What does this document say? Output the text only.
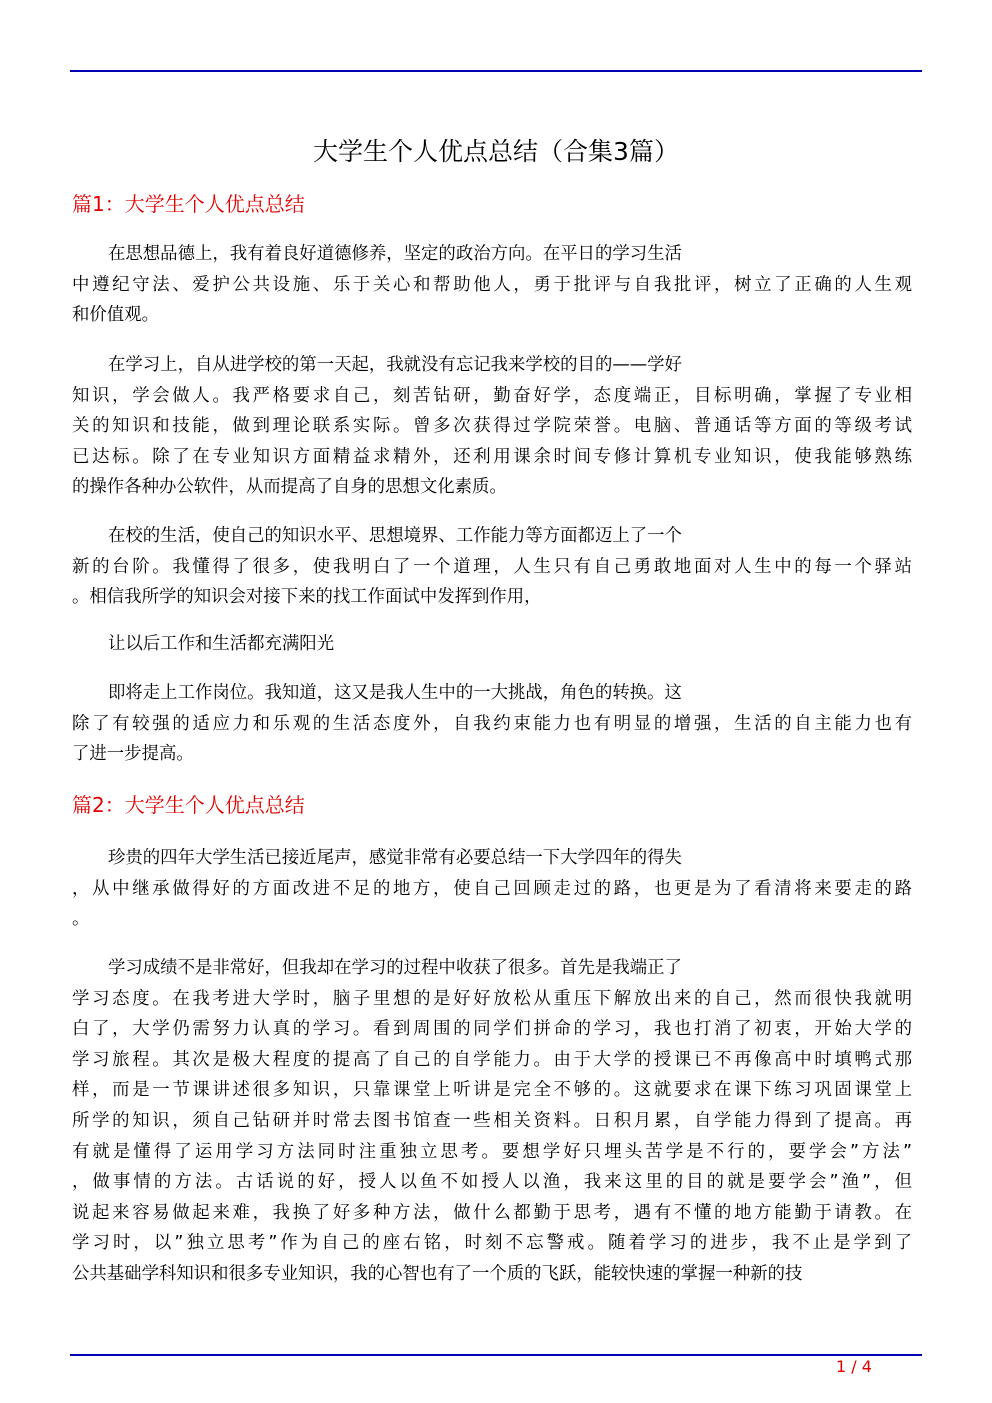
大学生个人优点总结（合集3篇）
篇1：大学生个人优点总结
在思想品德上，我有着良好道德修养，坚定的政治方向。在平日的学习生活
中遵纪守法、爱护公共设施、乐于关心和帮助他人，勇于批评与自我批评，树立了正确的人生观
和价值观。
在学习上，自从进学校的第一天起，我就没有忘记我来学校的目的——学好
知识，学会做人。我严格要求自己，刻苦钻研，勤奋好学，态度端正，目标明确，掌握了专业相
关的知识和技能，做到理论联系实际。曾多次获得过学院荣誉。电脑、普通话等方面的等级考试
已达标。除了在专业知识方面精益求精外，还利用课余时间专修计算机专业知识，使我能够熟练
的操作各种办公软件，从而提高了自身的思想文化素质。
在校的生活，使自己的知识水平、思想境界、工作能力等方面都迈上了一个
新的台阶。我懂得了很多，使我明白了一个道理，人生只有自己勇敢地面对人生中的每一个驿站
。相信我所学的知识会对接下来的找工作面试中发挥到作用，
让以后工作和生活都充满阳光
即将走上工作岗位。我知道，这又是我人生中的一大挑战，角色的转换。这
除了有较强的适应力和乐观的生活态度外，自我约束能力也有明显的增强，生活的自主能力也有
了进一步提高。
篇2：大学生个人优点总结
珍贵的四年大学生活已接近尾声，感觉非常有必要总结一下大学四年的得失
，从中继承做得好的方面改进不足的地方，使自己回顾走过的路，也更是为了看清将来要走的路
。
学习成绩不是非常好，但我却在学习的过程中收获了很多。首先是我端正了
学习态度。在我考进大学时，脑子里想的是好好放松从重压下解放出来的自己，然而很快我就明
白了，大学仍需努力认真的学习。看到周围的同学们拼命的学习，我也打消了初衷，开始大学的
学习旅程。其次是极大程度的提高了自己的自学能力。由于大学的授课已不再像高中时填鸭式那
样，而是一节课讲述很多知识，只靠课堂上听讲是完全不够的。这就要求在课下练习巩固课堂上
所学的知识，须自己钻研并时常去图书馆查一些相关资料。日积月累，自学能力得到了提高。再
有就是懂得了运用学习方法同时注重独立思考。要想学好只埋头苦学是不行的，要学会”方法”
，做事情的方法。古话说的好，授人以鱼不如授人以渔，我来这里的目的就是要学会”渔”，但
说起来容易做起来难，我换了好多种方法，做什么都勤于思考，遇有不懂的地方能勤于请教。在
学习时，以”独立思考”作为自己的座右铭，时刻不忘警戒。随着学习的进步，我不止是学到了
公共基础学科知识和很多专业知识，我的心智也有了一个质的飞跃，能较快速的掌握一种新的技
1 / 4
